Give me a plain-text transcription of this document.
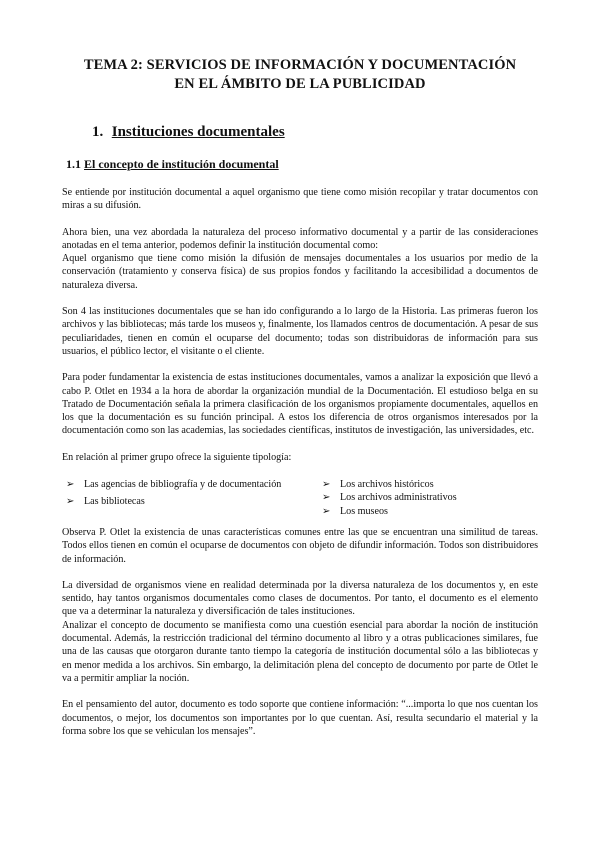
TEMA 2: SERVICIOS DE INFORMACIÓN Y DOCUMENTACIÓN
EN EL ÁMBITO DE LA PUBLICIDAD
1. Instituciones documentales
1.1 El concepto de institución documental

Se entiende por institución documental a aquel organismo que tiene como misión recopilar y tratar documentos con miras a su difusión.

Ahora bien, una vez abordada la naturaleza del proceso informativo documental y a partir de las consideraciones anotadas en el tema anterior, podemos definir la institución documental como:

Aquel organismo que tiene como misión la difusión de mensajes documentales a los usuarios por medio de la conservación (tratamiento y conserva física) de sus propios fondos y facilitando la accesibilidad a documentos de naturaleza diversa.

Son 4 las instituciones documentales que se han ido configurando a lo largo de la Historia. Las primeras fueron los archivos y las bibliotecas; más tarde los museos y, finalmente, los llamados centros de documentación. A pesar de sus peculiaridades, tienen en común el ocuparse del documento; todas son distribuidoras de información para sus usuarios, el público lector, el visitante o el cliente.

Para poder fundamentar la existencia de estas instituciones documentales, vamos a analizar la exposición que llevó a cabo P. Otlet en 1934 a la hora de abordar la organización mundial de la Documentación. El estudioso belga en su Tratado de Documentación señala la primera clasificación de los organismos propiamente documentales, aquellos en los que la documentación es su función principal. A estos los diferencia de otros organismos interesados por la documentación como son las academias, las sociedades científicas, institutos de investigación, las universidades, etc.

En relación al primer grupo ofrece la siguiente tipología:

➢ Las agencias de bibliografía y de documentación
➢ Las bibliotecas
➢ Los archivos históricos
➢ Los archivos administrativos
➢ Los museos

Observa P. Otlet la existencia de unas características comunes entre las que se encuentran una similitud de tareas. Todos ellos tienen en común el ocuparse de documentos con objeto de difundir información. Todos son distribuidores de información.

La diversidad de organismos viene en realidad determinada por la diversa naturaleza de los documentos y, en este sentido, hay tantos organismos documentales como clases de documentos. Por tanto, el documento es el elemento que va a determinar la naturaleza y diversificación de tales instituciones.

Analizar el concepto de documento se manifiesta como una cuestión esencial para abordar la noción de institución documental. Además, la restricción tradicional del término documento al libro y a otras publicaciones similares, fue una de las causas que otorgaron durante tanto tiempo la categoría de institución documental sólo a las bibliotecas y en menor medida a los archivos. Sin embargo, la delimitación plena del concepto de documento por parte de Otlet le va a permitir ampliar la noción.

En el pensamiento del autor, documento es todo soporte que contiene información: “...importa lo que nos cuentan los documentos, o mejor, los documentos son importantes por lo que cuentan. Así, resulta secundario el material y la forma sobre los que se vehiculan los mensajes”.
